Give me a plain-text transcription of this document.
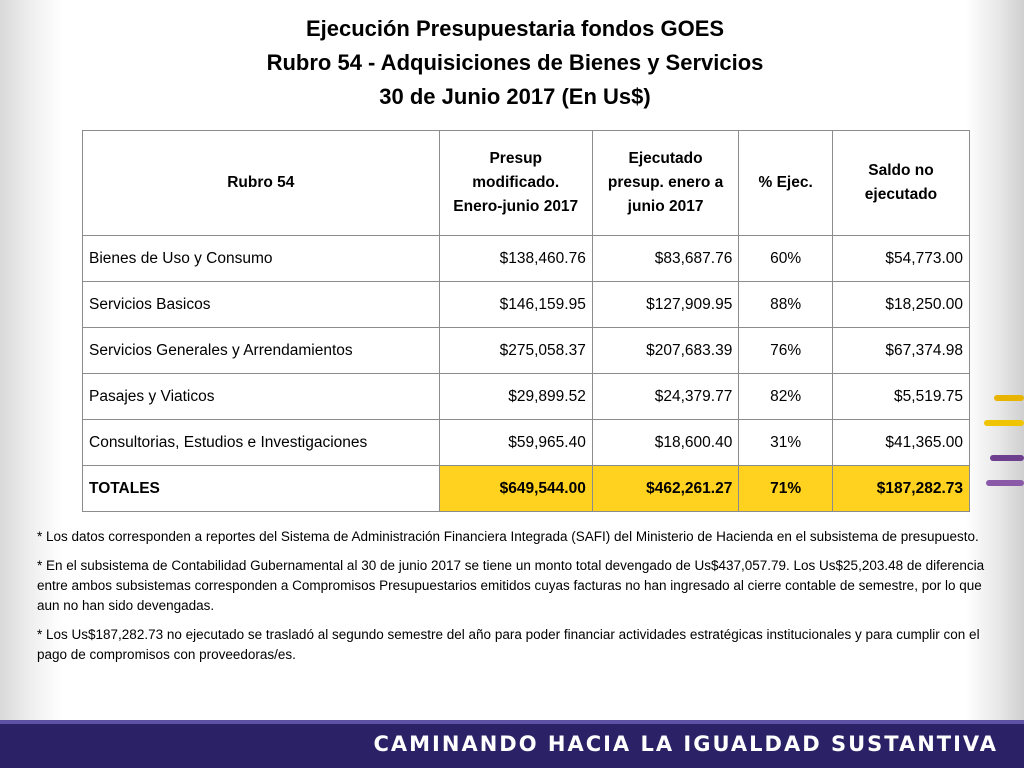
Ejecución Presupuestaria fondos GOES
Rubro 54 - Adquisiciones de Bienes y Servicios
30 de Junio 2017 (En Us$)
Rubro 54	Presup modificado. Enero-junio 2017	Ejecutado presup. enero a junio 2017	% Ejec.	Saldo no ejecutado
Bienes de Uso y Consumo	$138,460.76	$83,687.76	60%	$54,773.00
Servicios Basicos	$146,159.95	$127,909.95	88%	$18,250.00
Servicios Generales y Arrendamientos	$275,058.37	$207,683.39	76%	$67,374.98
Pasajes y Viaticos	$29,899.52	$24,379.77	82%	$5,519.75
Consultorias, Estudios e Investigaciones	$59,965.40	$18,600.40	31%	$41,365.00
TOTALES	$649,544.00	$462,261.27	71%	$187,282.73

* Los datos corresponden a reportes del Sistema de Administración Financiera Integrada (SAFI) del Ministerio de Hacienda en el subsistema de presupuesto.

* En el subsistema de Contabilidad Gubernamental al 30 de junio 2017 se tiene un monto total devengado de Us$437,057.79. Los Us$25,203.48 de diferencia entre ambos subsistemas corresponden a Compromisos Presupuestarios emitidos cuyas facturas no han ingresado al cierre contable de semestre, por lo que aun no han sido devengadas.

* Los Us$187,282.73 no ejecutado se trasladó al segundo semestre del año para poder financiar actividades estratégicas institucionales y para cumplir con el pago de compromisos con proveedoras/es.

CAMINANDO HACIA LA IGUALDAD SUSTANTIVA
